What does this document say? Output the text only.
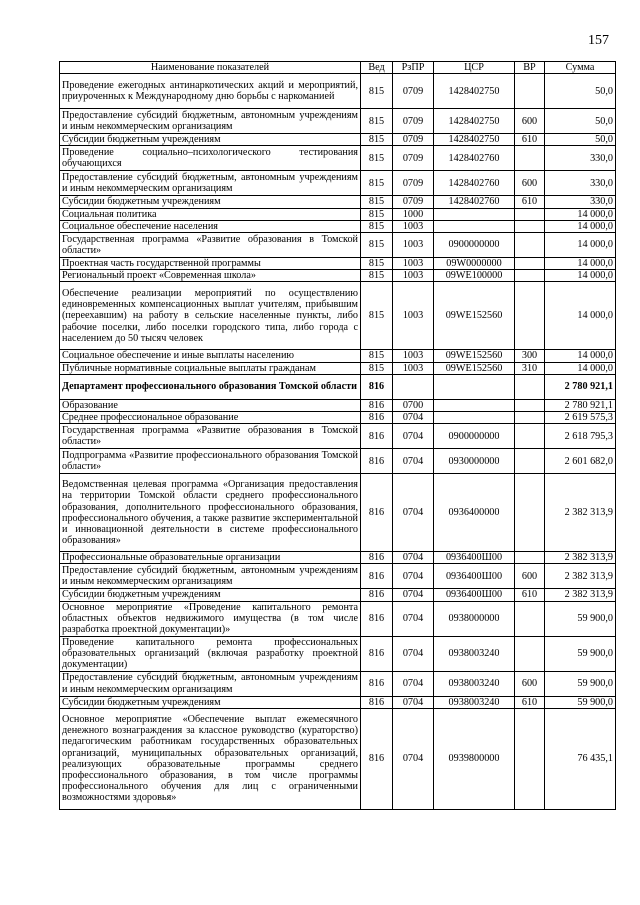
157
Наименование показателей	Вед	РзПР	ЦСР	ВР	Сумма
Проведение ежегодных антинаркотических акций и мероприятий, приуроченных к Международному дню борьбы с наркоманией	815	0709	1428402750		50,0
Предоставление субсидий бюджетным, автономным учреждениям и иным некоммерческим организациям	815	0709	1428402750	600	50,0
Субсидии бюджетным учреждениям	815	0709	1428402750	610	50,0
Проведение социально–психологического тестирования обучающихся	815	0709	1428402760		330,0
Предоставление субсидий бюджетным, автономным учреждениям и иным некоммерческим организациям	815	0709	1428402760	600	330,0
Субсидии бюджетным учреждениям	815	0709	1428402760	610	330,0
Социальная политика	815	1000			14 000,0
Социальное обеспечение населения	815	1003			14 000,0
Государственная программа «Развитие образования в Томской области»	815	1003	0900000000		14 000,0
Проектная часть государственной программы	815	1003	09W0000000		14 000,0
Региональный проект «Современная школа»	815	1003	09WE100000		14 000,0
Обеспечение реализации мероприятий по осуществлению единовременных компенсационных выплат учителям, прибывшим (переехавшим) на работу в сельские населенные пункты, либо рабочие поселки, либо поселки городского типа, либо города с населением до 50 тысяч человек	815	1003	09WE152560		14 000,0
Социальное обеспечение и иные выплаты населению	815	1003	09WE152560	300	14 000,0
Публичные нормативные социальные выплаты гражданам	815	1003	09WE152560	310	14 000,0
Департамент профессионального образования Томской области	816				2 780 921,1
Образование	816	0700			2 780 921,1
Среднее профессиональное образование	816	0704			2 619 575,3
Государственная программа «Развитие образования в Томской области»	816	0704	0900000000		2 618 795,3
Подпрограмма «Развитие профессионального образования Томской области»	816	0704	0930000000		2 601 682,0
Ведомственная целевая программа «Организация предоставления на территории Томской области среднего профессионального образования, дополнительного профессионального образования, профессионального обучения, а также развитие экспериментальной и инновационной деятельности в системе профессионального образования»	816	0704	0936400000		2 382 313,9
Профессиональные образовательные организации	816	0704	0936400Ш00		2 382 313,9
Предоставление субсидий бюджетным, автономным учреждениям и иным некоммерческим организациям	816	0704	0936400Ш00	600	2 382 313,9
Субсидии бюджетным учреждениям	816	0704	0936400Ш00	610	2 382 313,9
Основное мероприятие «Проведение капитального ремонта областных объектов недвижимого имущества (в том числе разработка проектной документации)»	816	0704	0938000000		59 900,0
Проведение капитального ремонта профессиональных образовательных организаций (включая разработку проектной документации)	816	0704	0938003240		59 900,0
Предоставление субсидий бюджетным, автономным учреждениям и иным некоммерческим организациям	816	0704	0938003240	600	59 900,0
Субсидии бюджетным учреждениям	816	0704	0938003240	610	59 900,0
Основное мероприятие «Обеспечение выплат ежемесячного денежного вознаграждения за классное руководство (кураторство) педагогическим работникам государственных образовательных организаций, муниципальных образовательных организаций, реализующих образовательные программы среднего профессионального образования, в том числе программы профессионального обучения для лиц с ограниченными возможностями здоровья»	816	0704	0939800000		76 435,1
